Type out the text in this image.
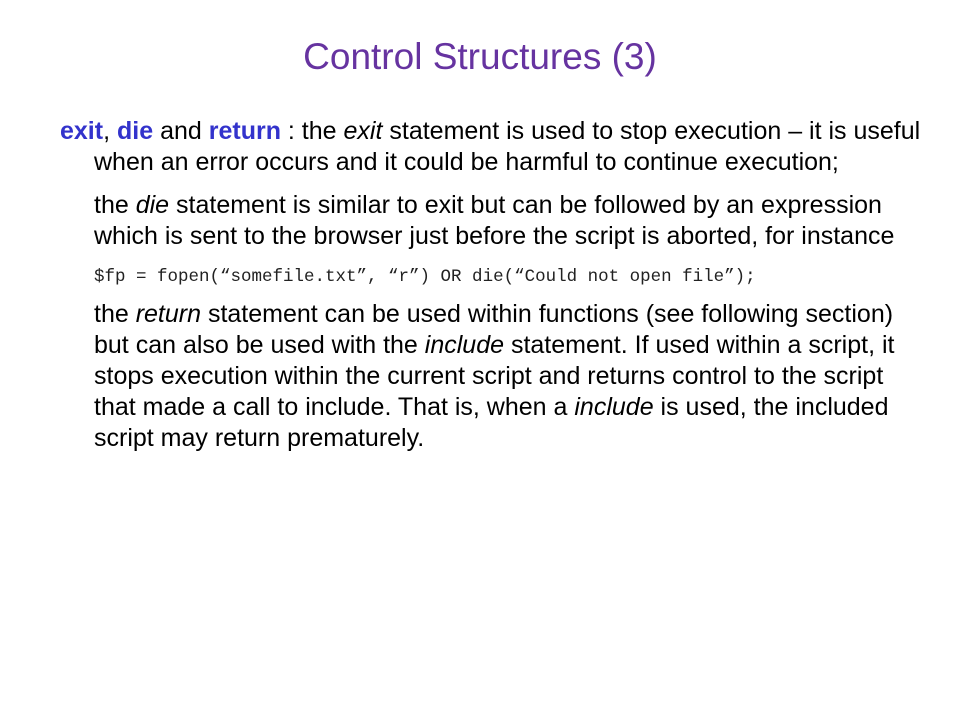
Control Structures (3)

exit, die and return : the exit statement is used to stop execution – it is useful when an error occurs and it could be harmful to continue execution;

the die statement is similar to exit but can be followed by an expression which is sent to the browser just before the script is aborted, for instance

$fp = fopen(“somefile.txt”, “r”) OR die(“Could not open file”);

the return statement can be used within functions (see following section) but can also be used with the include statement. If used within a script, it stops execution within the current script and returns control to the script that made a call to include. That is, when a include is used, the included script may return prematurely.
